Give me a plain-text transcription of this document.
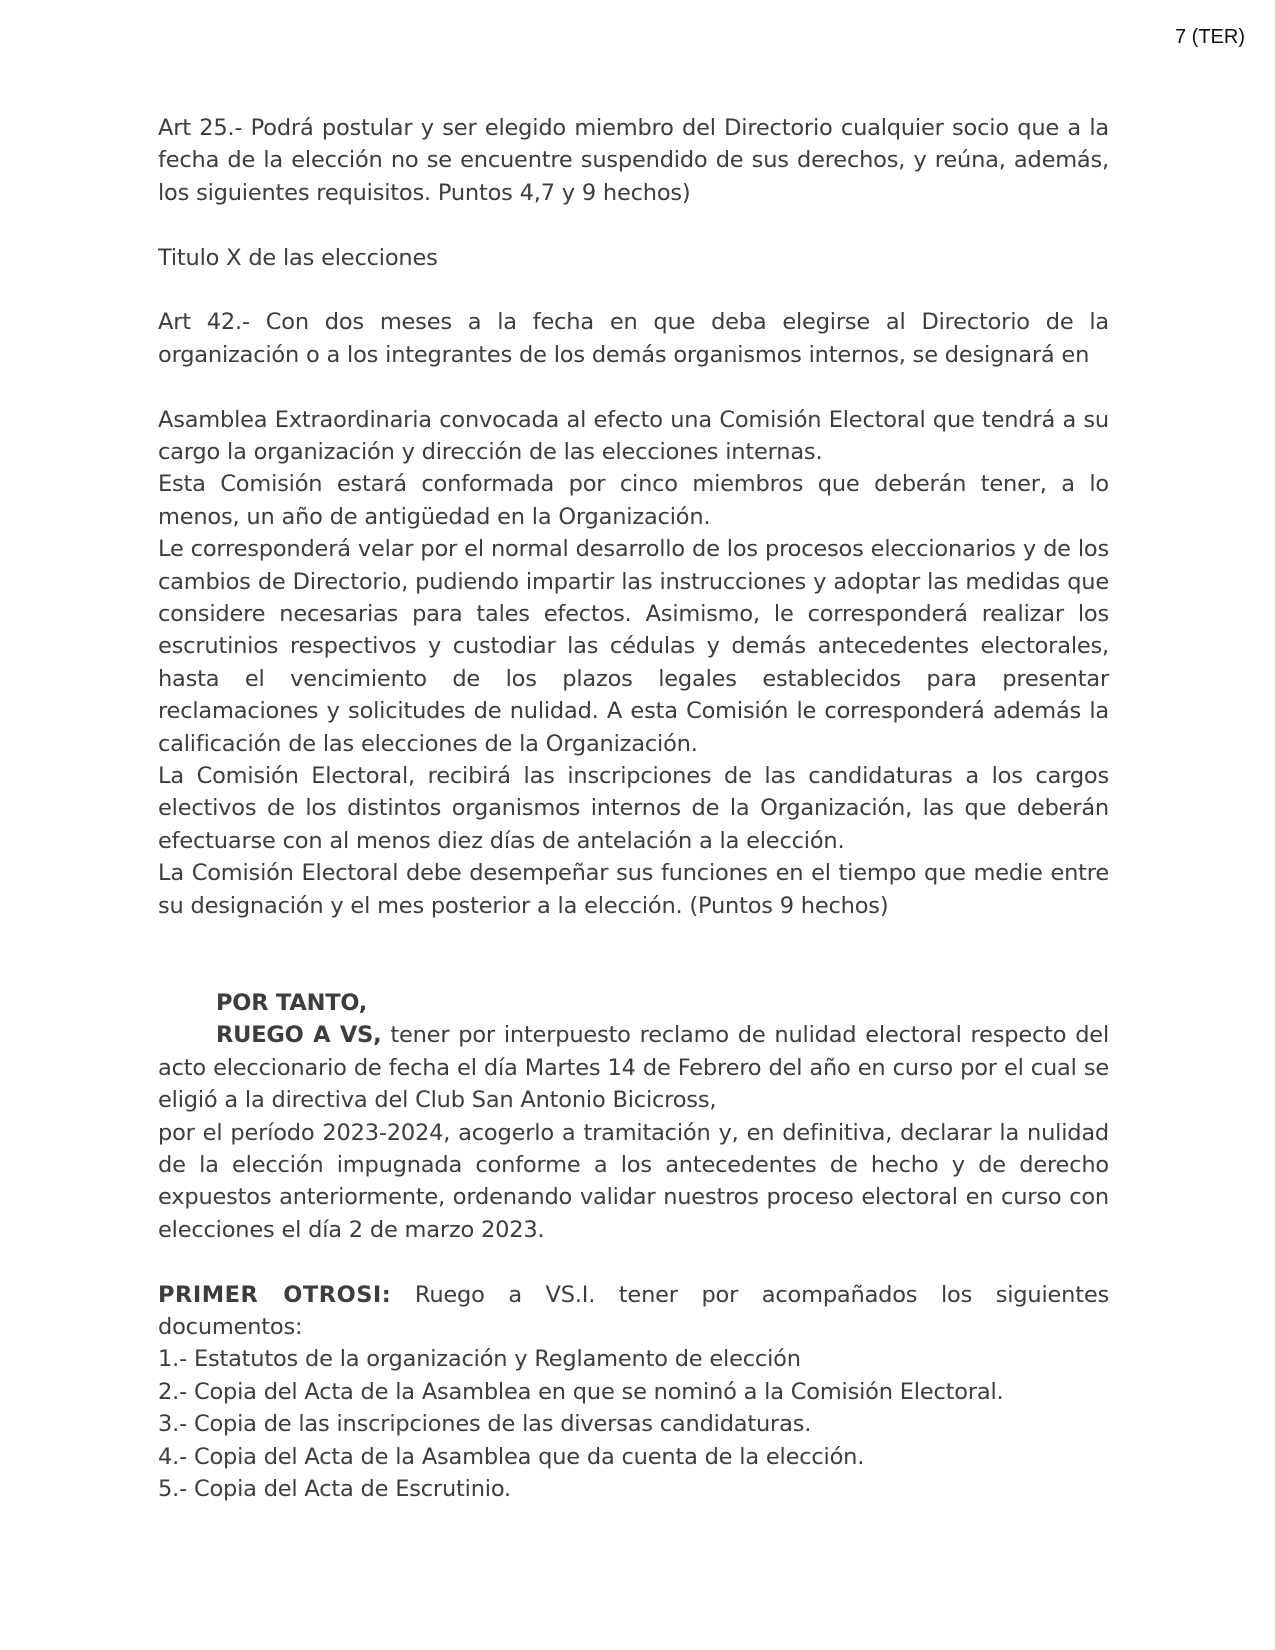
7 (TER)

Art 25.- Podrá postular y ser elegido miembro del Directorio cualquier socio que a la fecha de la elección no se encuentre suspendido de sus derechos, y reúna, además, los siguientes requisitos. Puntos 4,7 y 9 hechos)

Titulo X de las elecciones

Art 42.- Con dos meses a la fecha en que deba elegirse al Directorio de la organización o a los integrantes de los demás organismos internos, se designará en

Asamblea Extraordinaria convocada al efecto una Comisión Electoral que tendrá a su cargo la organización y dirección de las elecciones internas.

Esta Comisión estará conformada por cinco miembros que deberán tener, a lo menos, un año de antigüedad en la Organización.

Le corresponderá velar por el normal desarrollo de los procesos eleccionarios y de los cambios de Directorio, pudiendo impartir las instrucciones y adoptar las medidas que considere necesarias para tales efectos. Asimismo, le corresponderá realizar los escrutinios respectivos y custodiar las cédulas y demás antecedentes electorales, hasta el vencimiento de los plazos legales establecidos para presentar reclamaciones y solicitudes de nulidad. A esta Comisión le corresponderá además la calificación de las elecciones de la Organización.

La Comisión Electoral, recibirá las inscripciones de las candidaturas a los cargos electivos de los distintos organismos internos de la Organización, las que deberán efectuarse con al menos diez días de antelación a la elección.

La Comisión Electoral debe desempeñar sus funciones en el tiempo que medie entre su designación y el mes posterior a la elección. (Puntos 9 hechos)

POR TANTO,

RUEGO A VS, tener por interpuesto reclamo de nulidad electoral respecto del acto eleccionario de fecha el día Martes 14 de Febrero del año en curso por el cual se eligió a la directiva del Club San Antonio Bicicross,

por el período 2023-2024, acogerlo a tramitación y, en definitiva, declarar la nulidad de la elección impugnada conforme a los antecedentes de hecho y de derecho expuestos anteriormente, ordenando validar nuestros proceso electoral en curso con elecciones el día 2 de marzo 2023.

PRIMER OTROSI: Ruego a VS.I. tener por acompañados los siguientes documentos:

1.- Estatutos de la organización y Reglamento de elección

2.- Copia del Acta de la Asamblea en que se nominó a la Comisión Electoral.

3.- Copia de las inscripciones de las diversas candidaturas.

4.- Copia del Acta de la Asamblea que da cuenta de la elección.

5.- Copia del Acta de Escrutinio.
